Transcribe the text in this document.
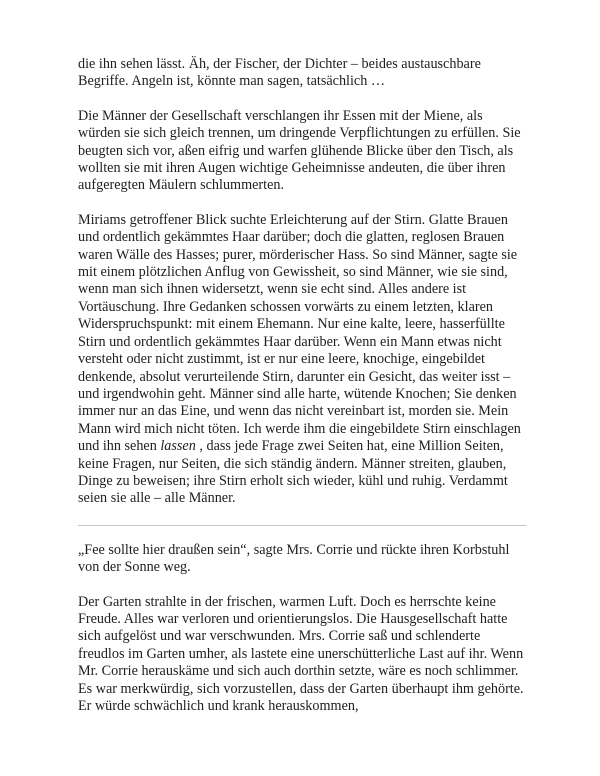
die ihn sehen lässt. Äh, der Fischer, der Dichter – beides austauschbare Begriffe. Angeln ist, könnte man sagen, tatsächlich …

Die Männer der Gesellschaft verschlangen ihr Essen mit der Miene, als würden sie sich gleich trennen, um dringende Verpflichtungen zu erfüllen. Sie beugten sich vor, aßen eifrig und warfen glühende Blicke über den Tisch, als wollten sie mit ihren Augen wichtige Geheimnisse andeuten, die über ihren aufgeregten Mäulern schlummerten.

Miriams getroffener Blick suchte Erleichterung auf der Stirn. Glatte Brauen und ordentlich gekämmtes Haar darüber; doch die glatten, reglosen Brauen waren Wälle des Hasses; purer, mörderischer Hass. So sind Männer, sagte sie mit einem plötzlichen Anflug von Gewissheit, so sind Männer, wie sie sind, wenn man sich ihnen widersetzt, wenn sie echt sind. Alles andere ist Vortäuschung. Ihre Gedanken schossen vorwärts zu einem letzten, klaren Widerspruchspunkt: mit einem Ehemann. Nur eine kalte, leere, hasserfüllte Stirn und ordentlich gekämmtes Haar darüber. Wenn ein Mann etwas nicht versteht oder nicht zustimmt, ist er nur eine leere, knochige, eingebildet denkende, absolut verurteilende Stirn, darunter ein Gesicht, das weiter isst – und irgendwohin geht. Männer sind alle harte, wütende Knochen; Sie denken immer nur an das Eine, und wenn das nicht vereinbart ist, morden sie. Mein Mann wird mich nicht töten. Ich werde ihm die eingebildete Stirn einschlagen und ihn sehen lassen , dass jede Frage zwei Seiten hat, eine Million Seiten, keine Fragen, nur Seiten, die sich ständig ändern. Männer streiten, glauben, Dinge zu beweisen; ihre Stirn erholt sich wieder, kühl und ruhig. Verdammt seien sie alle – alle Männer.

„Fee sollte hier draußen sein“, sagte Mrs. Corrie und rückte ihren Korbstuhl von der Sonne weg.

Der Garten strahlte in der frischen, warmen Luft. Doch es herrschte keine Freude. Alles war verloren und orientierungslos. Die Hausgesellschaft hatte sich aufgelöst und war verschwunden. Mrs. Corrie saß und schlenderte freudlos im Garten umher, als lastete eine unerschütterliche Last auf ihr. Wenn Mr. Corrie herauskäme und sich auch dorthin setzte, wäre es noch schlimmer. Es war merkwürdig, sich vorzustellen, dass der Garten überhaupt ihm gehörte. Er würde schwächlich und krank herauskommen,
